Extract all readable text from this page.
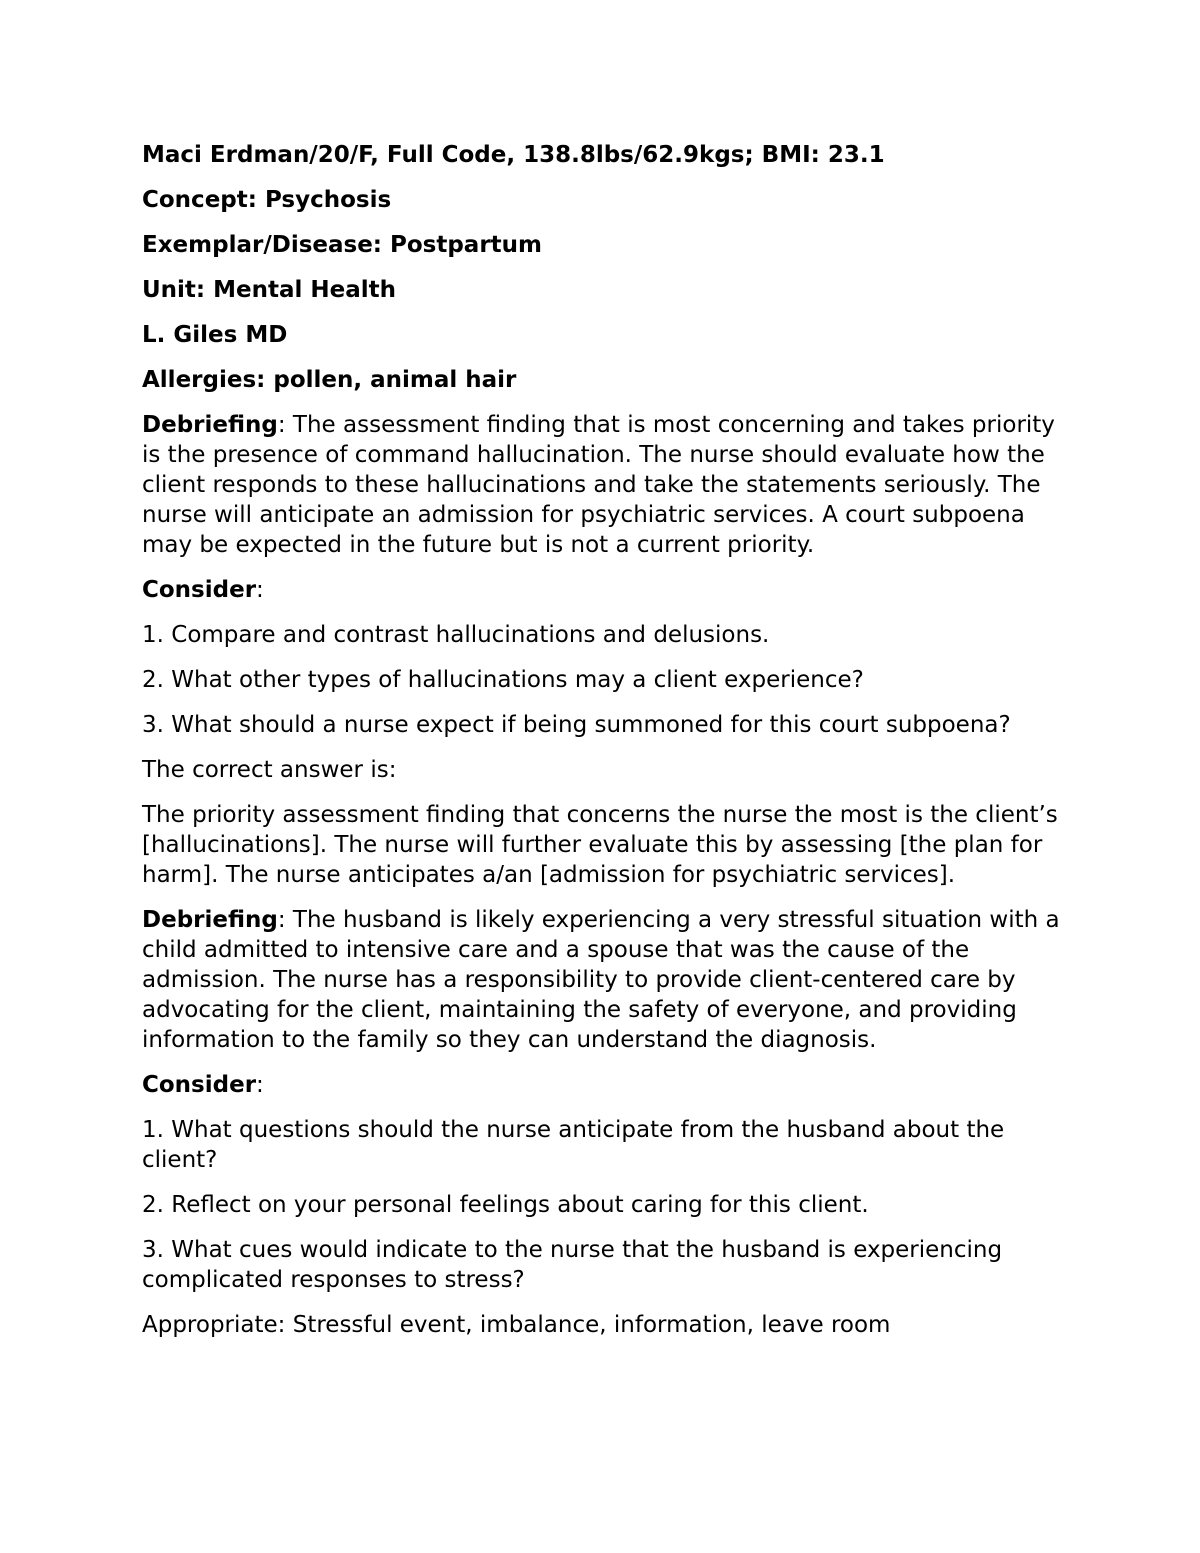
Maci Erdman/20/F, Full Code, 138.8lbs/62.9kgs; BMI: 23.1

Concept: Psychosis

Exemplar/Disease: Postpartum

Unit: Mental Health

L. Giles MD

Allergies: pollen, animal hair

Debriefing: The assessment finding that is most concerning and takes priority is the presence of command hallucination. The nurse should evaluate how the client responds to these hallucinations and take the statements seriously. The nurse will anticipate an admission for psychiatric services. A court subpoena may be expected in the future but is not a current priority.

Consider:

1. Compare and contrast hallucinations and delusions.

2. What other types of hallucinations may a client experience?

3. What should a nurse expect if being summoned for this court subpoena?

The correct answer is:

The priority assessment finding that concerns the nurse the most is the client’s [hallucinations]. The nurse will further evaluate this by assessing [the plan for harm]. The nurse anticipates a/an [admission for psychiatric services].

Debriefing: The husband is likely experiencing a very stressful situation with a child admitted to intensive care and a spouse that was the cause of the admission. The nurse has a responsibility to provide client-centered care by advocating for the client, maintaining the safety of everyone, and providing information to the family so they can understand the diagnosis.

Consider:

1. What questions should the nurse anticipate from the husband about the client?

2. Reflect on your personal feelings about caring for this client.

3. What cues would indicate to the nurse that the husband is experiencing complicated responses to stress?

Appropriate: Stressful event, imbalance, information, leave room
